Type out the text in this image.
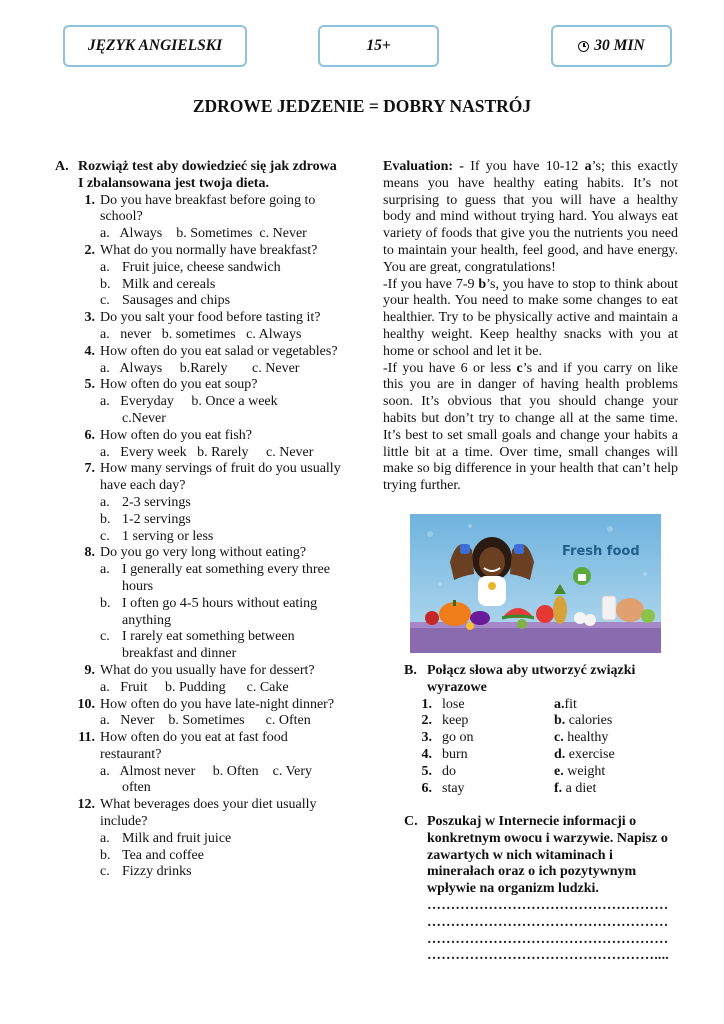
JĘZYK ANGIELSKI	15+	30 MIN
ZDROWE JEDZENIE = DOBRY NASTRÓJ
A. Rozwiąż test aby dowiedzieć się jak zdrowa I zbalansowana jest twoja dieta.
1. Do you have breakfast before going to school?
a.   Always    b. Sometimes  c. Never
2. What do you normally have breakfast?
a. Fruit juice, cheese sandwich
b. Milk and cereals
c. Sausages and chips
3. Do you salt your food before tasting it?
a.   never   b. sometimes   c. Always
4. How often do you eat salad or vegetables?
a.   Always     b.Rarely       c. Never
5. How often do you eat soup?
a.   Everyday     b. Once a week
c.Never
6. How often do you eat fish?
a.   Every week   b. Rarely     c. Never
7. How many servings of fruit do you usually have each day?
a. 2-3 servings
b. 1-2 servings
c. 1 serving or less
8. Do you go very long without eating?
a. I generally eat something every three hours
b. I often go 4-5 hours without eating anything
c. I rarely eat something between breakfast and dinner
9. What do you usually have for dessert?
a.   Fruit     b. Pudding      c. Cake
10. How often do you have late-night dinner?
a.   Never    b. Sometimes      c. Often
11. How often do you eat at fast food restaurant?
a.   Almost never     b. Often    c. Very
often
12. What beverages does your diet usually include?
a. Milk and fruit juice
b. Tea and coffee
c. Fizzy drinks

Evaluation: - If you have 10-12 a’s; this exactly means you have healthy eating habits. It’s not surprising to guess that you will have a healthy body and mind without trying hard. You always eat variety of foods that give you the nutrients you need to maintain your health, feel good, and have energy. You are great, congratulations!

-If you have 7-9 b’s, you have to stop to think about your health. You need to make some changes to eat healthier. Try to be physically active and maintain a healthy weight. Keep healthy snacks with you at home or school and let it be.

-If you have 6 or less c’s and if you carry on like this you are in danger of having health problems soon. It’s obvious that you should change your habits but don’t try to change all at the same time. It’s best to set small goals and change your habits a little bit at a time. Over time, small changes will make so big difference in your health that can’t help trying further.

Fresh food
B. Połącz słowa aby utworzyć związki wyrazowe
1. lose	a.fit
2. keep	b. calories
3. go on	c. healthy
4. burn	d. exercise
5. do	e. weight
6. stay	f. a diet
C. Poszukaj w Internecie informacji o konkretnym owocu i warzywie. Napisz o zawartych w nich witaminach i minerałach oraz o ich pozytywnym wpływie na organizm ludzki.
……………………………………………
……………………………………………
……………………………………………
…………………………………………....
